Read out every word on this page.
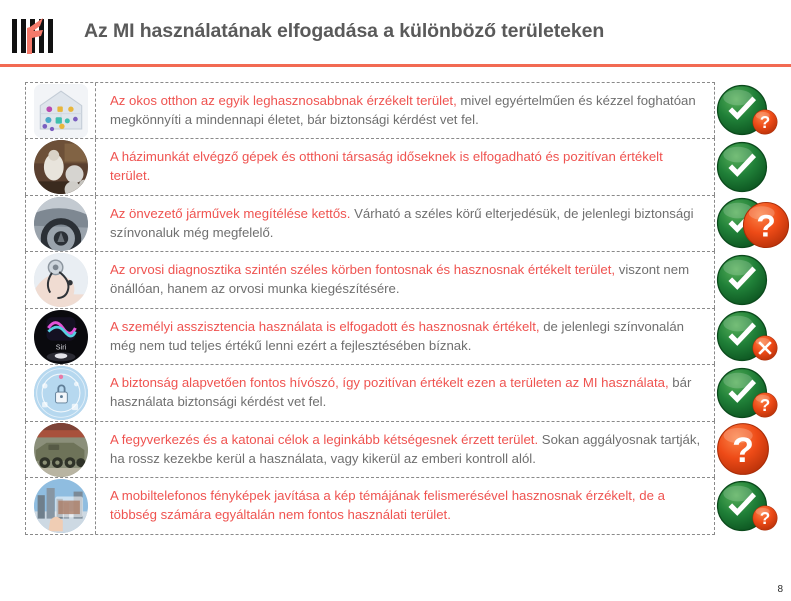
Az MI használatának elfogadása a különböző területeken
Az okos otthon az egyik leghasznosabbnak érzékelt terület, mivel egyértelműen és kézzel foghatóan megkönnyíti a mindennapi életet, bár biztonsági kérdést vet fel.
A házimunkát elvégző gépek és otthoni társaság időseknek is elfogadható és pozitívan értékelt terület.
Az önvezető járművek megítélése kettős. Várható a széles körű elterjedésük, de jelenlegi biztonsági színvonaluk még megfelelő.
Az orvosi diagnosztika szintén széles körben fontosnak és hasznosnak értékelt terület, viszont nem önállóan, hanem az orvosi munka kiegészítésére.
Siri
A személyi asszisztencia használata is elfogadott és hasznosnak értékelt, de jelenlegi színvonalán még nem tud teljes értékű lenni ezért a fejlesztésében bíznak.
A biztonság alapvetően fontos hívószó, így pozitívan értékelt ezen a területen az MI használata, bár használata biztonsági kérdést vet fel.
A fegyverkezés és a katonai célok a leginkább kétségesnek érzett terület. Sokan aggályosnak tartják, ha rossz kezekbe kerül a használata, vagy kikerül az emberi kontroll alól.
A mobiltelefonos fényképek javítása a kép témájának felismerésével hasznosnak érzékelt, de a többség számára egyáltalán nem fontos használati terület.
?
?
?
?
?
8
